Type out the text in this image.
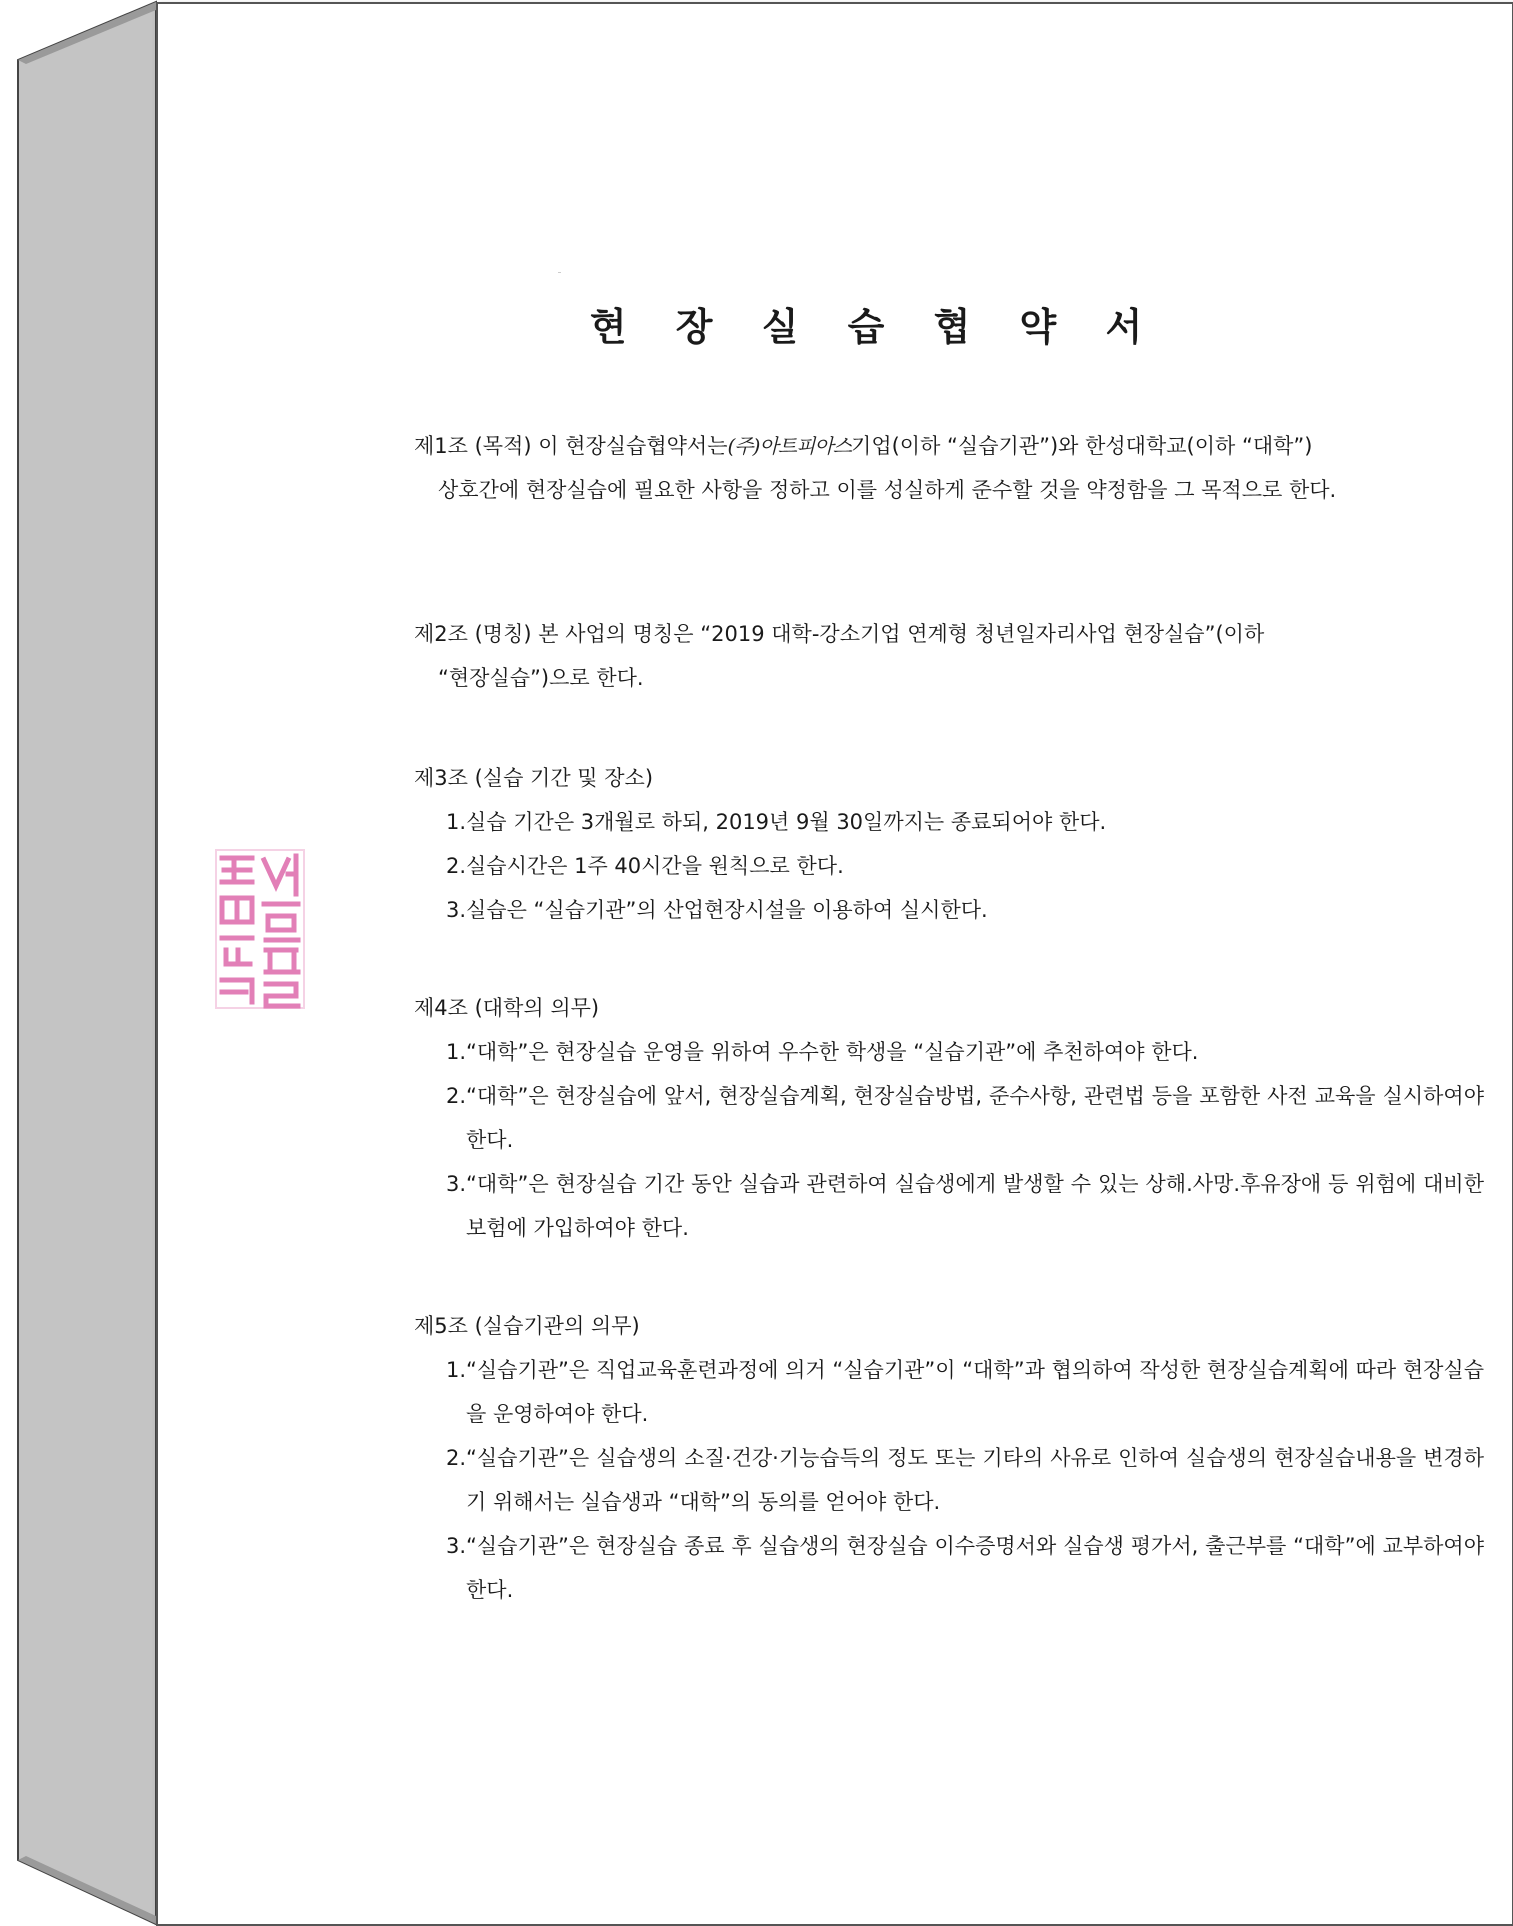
현 장 실 습 협 약 서

제1조 (목적) 이 현장실습협약서는(주)아트피아스기업(이하 “실습기관”)와 한성대학교(이하 “대학”)

상호간에 현장실습에 필요한 사항을 정하고 이를 성실하게 준수할 것을 약정함을 그 목적으로 한다.

제2조 (명칭) 본 사업의 명칭은 “2019 대학-강소기업 연계형 청년일자리사업 현장실습”(이하

“현장실습”)으로 한다.

제3조 (실습 기간 및 장소)

1. 실습 기간은 3개월로 하되, 2019년 9월 30일까지는 종료되어야 한다.
2. 실습시간은 1주 40시간을 원칙으로 한다.
3. 실습은 “실습기관”의 산업현장시설을 이용하여 실시한다.

제4조 (대학의 의무)

1. “대학”은 현장실습 운영을 위하여 우수한 학생을 “실습기관”에 추천하여야 한다.
2. “대학”은 현장실습에 앞서, 현장실습계획, 현장실습방법, 준수사항, 관련법 등을 포함한 사전 교육을 실시하여야 한다.
3. “대학”은 현장실습 기간 동안 실습과 관련하여 실습생에게 발생할 수 있는 상해.사망.후유장애 등 위험에 대비한 보험에 가입하여야 한다.

제5조 (실습기관의 의무)

1. “실습기관”은 직업교육훈련과정에 의거 “실습기관”이 “대학”과 협의하여 작성한 현장실습계획에 따라 현장실습을 운영하여야 한다.
2. “실습기관”은 실습생의 소질·건강·기능습득의 정도 또는 기타의 사유로 인하여 실습생의 현장실습내용을 변경하기 위해서는 실습생과 “대학”의 동의를 얻어야 한다.
3. “실습기관”은 현장실습 종료 후 실습생의 현장실습 이수증명서와 실습생 평가서, 출근부를 “대학”에 교부하여야 한다.
